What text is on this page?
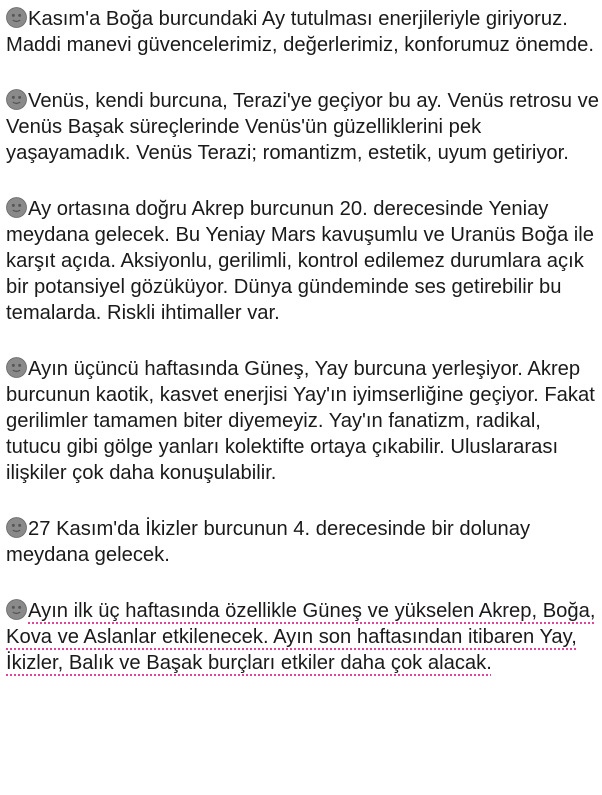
Kasım'a Boğa burcundaki Ay tutulması enerjileriyle giriyoruz. Maddi manevi güvencelerimiz, değerlerimiz, konforumuz önemde.

Venüs, kendi burcuna, Terazi'ye geçiyor bu ay. Venüs retrosu ve Venüs Başak süreçlerinde Venüs'ün güzelliklerini pek yaşayamadık. Venüs Terazi; romantizm, estetik, uyum getiriyor.

Ay ortasına doğru Akrep burcunun 20. derecesinde Yeniay meydana gelecek. Bu Yeniay Mars kavuşumlu ve Uranüs Boğa ile karşıt açıda. Aksiyonlu, gerilimli, kontrol edilemez durumlara açık bir potansiyel gözüküyor. Dünya gündeminde ses getirebilir bu temalarda. Riskli ihtimaller var.

Ayın üçüncü haftasında Güneş, Yay burcuna yerleşiyor. Akrep burcunun kaotik, kasvet enerjisi Yay'ın iyimserliğine geçiyor. Fakat gerilimler tamamen biter diyemeyiz. Yay'ın fanatizm, radikal, tutucu gibi gölge yanları kolektifte ortaya çıkabilir. Uluslararası ilişkiler çok daha konuşulabilir.

27 Kasım'da İkizler burcunun 4. derecesinde bir dolunay meydana gelecek.

Ayın ilk üç haftasında özellikle Güneş ve yükselen Akrep, Boğa, Kova ve Aslanlar etkilenecek. Ayın son haftasından itibaren Yay, İkizler, Balık ve Başak burçları etkiler daha çok alacak.
